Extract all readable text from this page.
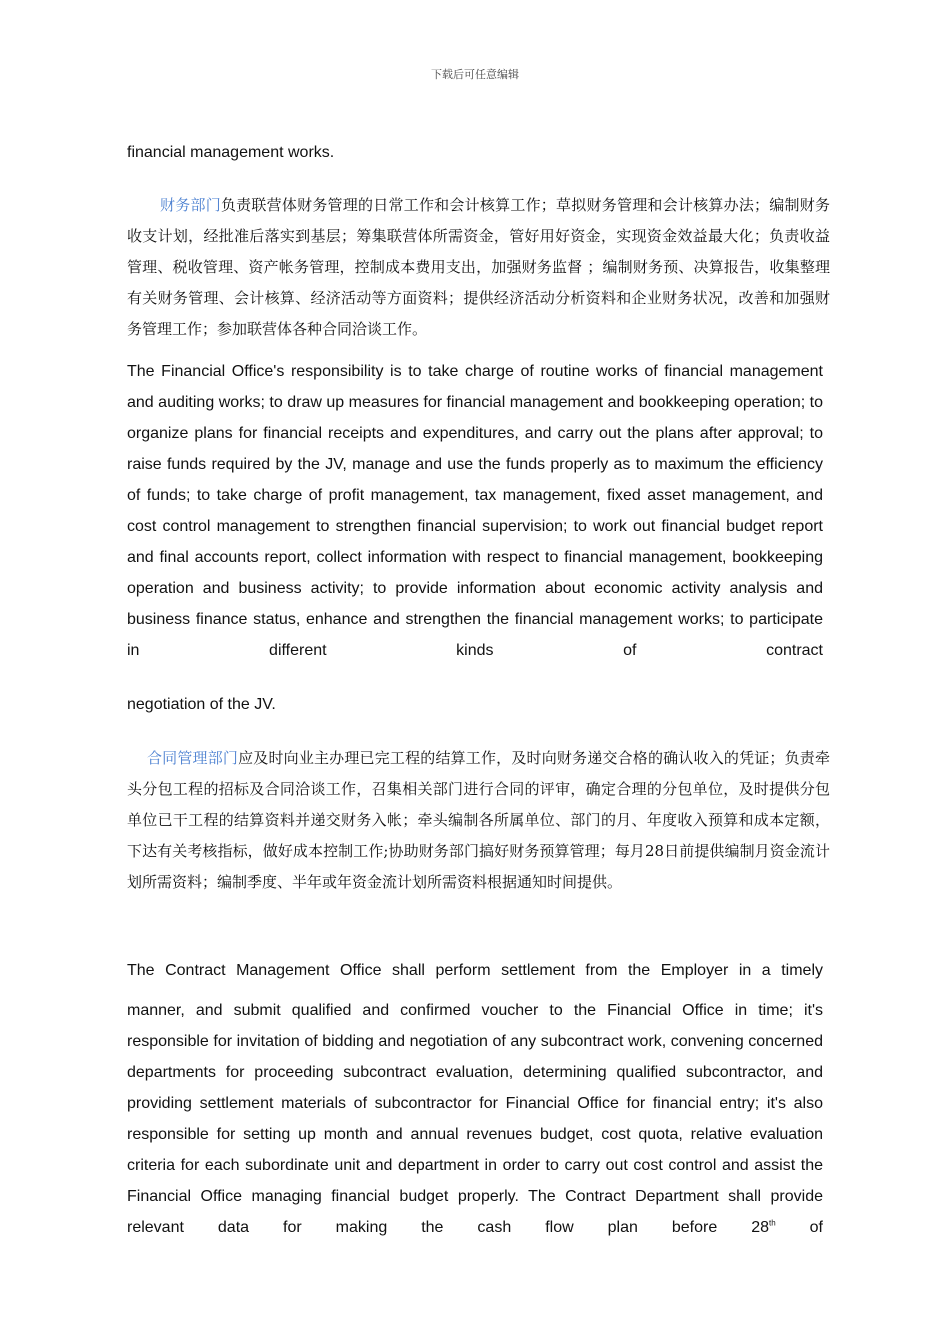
下载后可任意编辑

financial management works.

财务部门负责联营体财务管理的日常工作和会计核算工作；草拟财务管理和会计核算办法；编制财务收支计划，经批准后落实到基层；筹集联营体所需资金，管好用好资金，实现资金效益最大化；负责收益管理、税收管理、资产帐务管理，控制成本费用支出，加强财务监督 ；编制财务预、决算报告，收集整理有关财务管理、会计核算、经济活动等方面资料；提供经济活动分析资料和企业财务状况，改善和加强财务管理工作；参加联营体各种合同洽谈工作。

The Financial Office's responsibility is to take charge of routine works of financial management and auditing works; to draw up measures for financial management and bookkeeping operation; to organize plans for financial receipts and expenditures, and carry out the plans after approval; to raise funds required by the JV, manage and use the funds properly as to maximum the efficiency of funds; to take charge of profit management, tax management, fixed asset management, and cost control management to strengthen financial supervision; to work out financial budget report and final accounts report, collect information with respect to financial management, bookkeeping operation and business activity; to provide information about economic activity analysis and business finance status, enhance and strengthen the financial management works; to participate in different kinds of contract

negotiation of the JV.

合同管理部门应及时向业主办理已完工程的结算工作，及时向财务递交合格的确认收入的凭证；负责牵头分包工程的招标及合同洽谈工作，召集相关部门进行合同的评审，确定合理的分包单位，及时提供分包单位已干工程的结算资料并递交财务入帐；牵头编制各所属单位、部门的月、年度收入预算和成本定额，下达有关考核指标，做好成本控制工作;协助财务部门搞好财务预算管理；每月28日前提供编制月资金流计划所需资料；编制季度、半年或年资金流计划所需资料根据通知时间提供。

The Contract Management Office shall perform settlement from the Employer in a timely

manner, and submit qualified and confirmed voucher to the Financial Office in time; it's responsible for invitation of bidding and negotiation of any subcontract work, convening concerned departments for proceeding subcontract evaluation, determining qualified subcontractor, and providing settlement materials of subcontractor for Financial Office for financial entry; it's also responsible for setting up month and annual revenues budget, cost quota, relative evaluation criteria for each subordinate unit and department in order to carry out cost control and assist the Financial Office managing financial budget properly. The Contract Department shall provide relevant data for making the cash flow plan before 28th of
